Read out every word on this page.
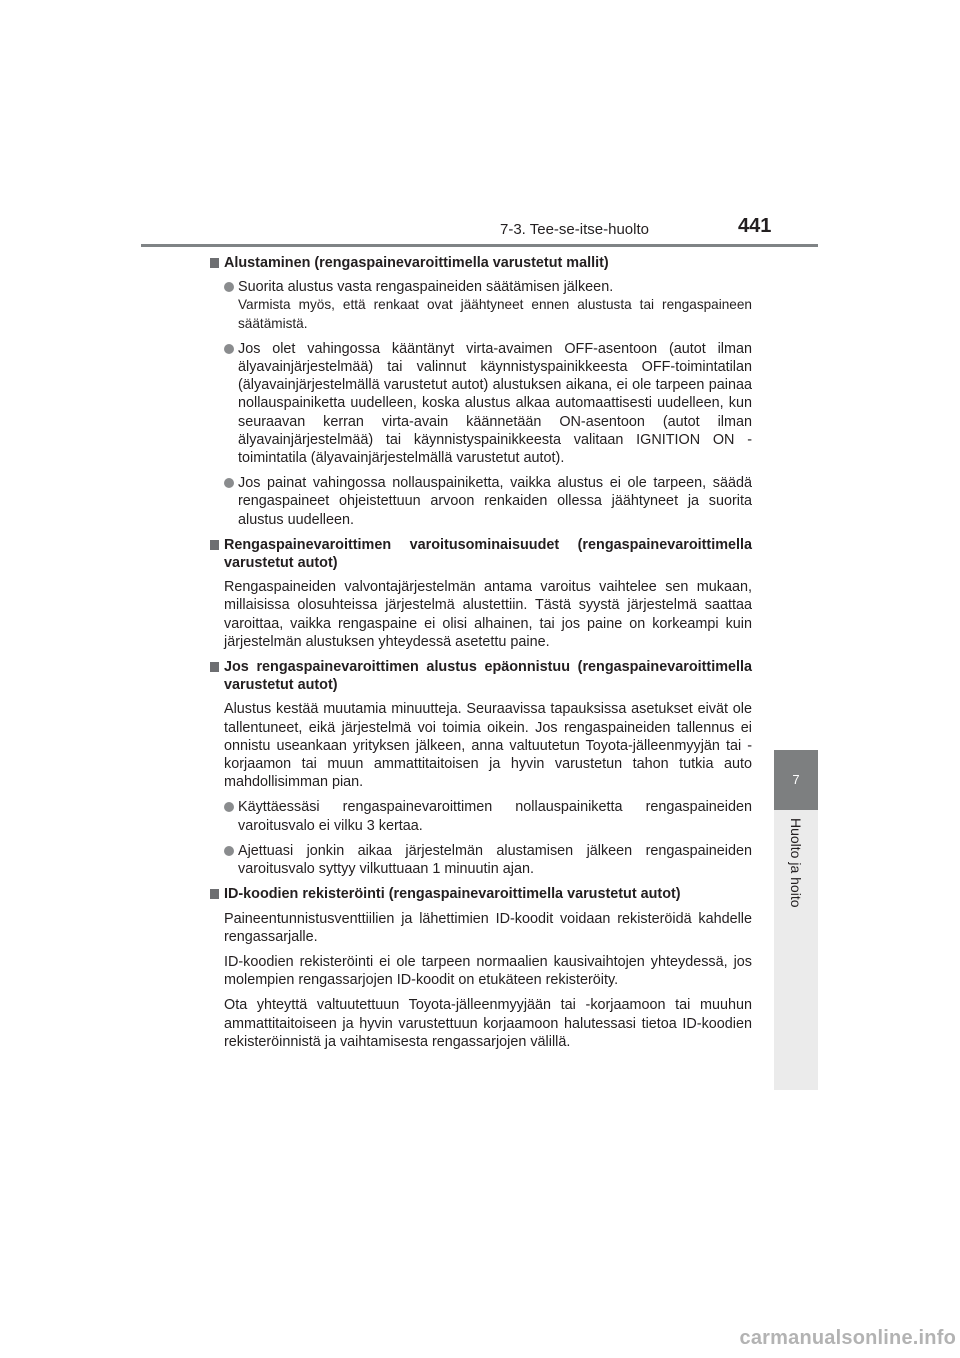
7-3. Tee-se-itse-huolto	441
7
Huolto ja hoito
Alustaminen (rengaspainevaroittimella varustetut mallit)
Suorita alustus vasta rengaspaineiden säätämisen jälkeen.
Varmista myös, että renkaat ovat jäähtyneet ennen alustusta tai rengaspaineen säätämistä.
Jos olet vahingossa kääntänyt virta-avaimen OFF-asentoon (autot ilman älyavainjärjestelmää) tai valinnut käynnistyspainikkeesta OFF-toimintatilan (älyavainjärjestelmällä varustetut autot) alustuksen aikana, ei ole tarpeen painaa nollauspainiketta uudelleen, koska alustus alkaa automaattisesti uudelleen, kun seuraavan kerran virta-avain käännetään ON-asentoon (autot ilman älyavainjärjestelmää) tai käynnistyspainikkeesta valitaan IGNITION ON -toimintatila (älyavainjärjestelmällä varustetut autot).
Jos painat vahingossa nollauspainiketta, vaikka alustus ei ole tarpeen, säädä rengaspaineet ohjeistettuun arvoon renkaiden ollessa jäähtyneet ja suorita alustus uudelleen.
Rengaspainevaroittimen varoitusominaisuudet (rengaspainevaroittimella varustetut autot)
Rengaspaineiden valvontajärjestelmän antama varoitus vaihtelee sen mukaan, millaisissa olosuhteissa järjestelmä alustettiin. Tästä syystä järjestelmä saattaa varoittaa, vaikka rengaspaine ei olisi alhainen, tai jos paine on korkeampi kuin järjestelmän alustuksen yhteydessä asetettu paine.
Jos rengaspainevaroittimen alustus epäonnistuu (rengaspainevaroittimella varustetut autot)
Alustus kestää muutamia minuutteja. Seuraavissa tapauksissa asetukset eivät ole tallentuneet, eikä järjestelmä voi toimia oikein. Jos rengaspaineiden tallennus ei onnistu useankaan yrityksen jälkeen, anna valtuutetun Toyota-jälleenmyyjän tai -korjaamon tai muun ammattitaitoisen ja hyvin varustetun tahon tutkia auto mahdollisimman pian.
Käyttäessäsi rengaspainevaroittimen nollauspainiketta rengaspaineiden varoitusvalo ei vilku 3 kertaa.
Ajettuasi jonkin aikaa järjestelmän alustamisen jälkeen rengaspaineiden varoitusvalo syttyy vilkuttuaan 1 minuutin ajan.
ID-koodien rekisteröinti (rengaspainevaroittimella varustetut autot)
Paineentunnistusventtiilien ja lähettimien ID-koodit voidaan rekisteröidä kahdelle rengassarjalle.
ID-koodien rekisteröinti ei ole tarpeen normaalien kausivaihtojen yhteydessä, jos molempien rengassarjojen ID-koodit on etukäteen rekisteröity.
Ota yhteyttä valtuutettuun Toyota-jälleenmyyjään tai -korjaamoon tai muuhun ammattitaitoiseen ja hyvin varustettuun korjaamoon halutessasi tietoa ID-koodien rekisteröinnistä ja vaihtamisesta rengassarjojen välillä.
carmanualsonline.info
